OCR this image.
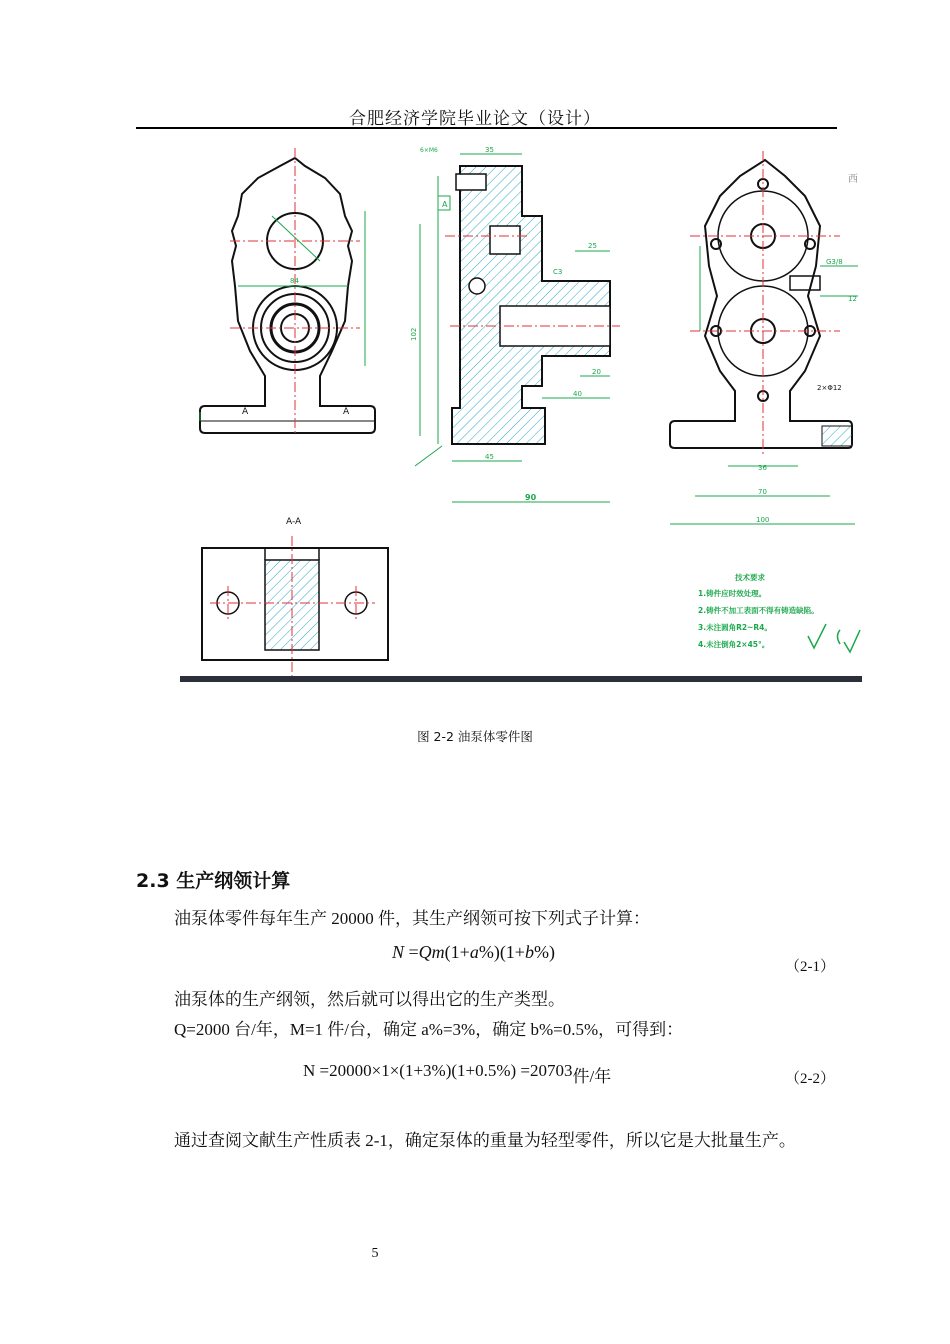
合肥经济学院毕业论文（设计）
84
A	A
A
6×M6	35
25
C3
20
40
45
90
102
36
70
100
G3/8
12
2×Φ12
西
A-A
技术要求
1.铸件应时效处理。
2.铸件不加工表面不得有铸造缺陷。
3.未注圆角R2~R4。
4.未注倒角2×45°。
图 2-2 油泵体零件图
2.3 生产纲领计算
油泵体零件每年生产 20000 件，其生产纲领可按下列式子计算：
N =Qm(1+a%)(1+b%)
（2-1）
油泵体的生产纲领，然后就可以得出它的生产类型。
Q=2000 台/年，M=1 件/台，确定 a%=3%，确定 b%=0.5%，可得到：
N =20000×1×(1+3%)(1+0.5%) =20703件/年	（2-2）
通过查阅文献生产性质表 2-1，确定泵体的重量为轻型零件，所以它是大批量生产。
5
